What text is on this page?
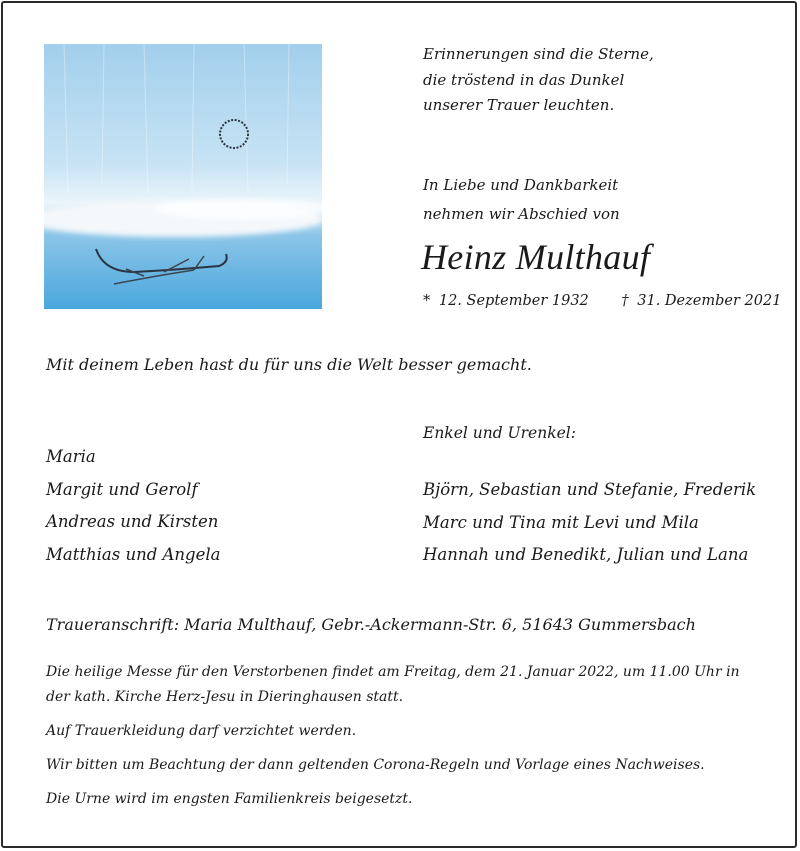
Erinnerungen sind die Sterne,
die tröstend in das Dunkel
unserer Trauer leuchten.
In Liebe und Dankbarkeit
nehmen wir Abschied von
Heinz Multhauf
* 12. September 1932 † 31. Dezember 2021
Mit deinem Leben hast du für uns die Welt besser gemacht.
Maria
Margit und Gerolf
Andreas und Kirsten
Matthias und Angela
Enkel und Urenkel:
Björn, Sebastian und Stefanie, Frederik
Marc und Tina mit Levi und Mila
Hannah und Benedikt, Julian und Lana
Traueranschrift: Maria Multhauf, Gebr.-Ackermann-Str. 6, 51643 Gummersbach
Die heilige Messe für den Verstorbenen findet am Freitag, dem 21. Januar 2022, um 11.00 Uhr in
der kath. Kirche Herz-Jesu in Dieringhausen statt.
Auf Trauerkleidung darf verzichtet werden.
Wir bitten um Beachtung der dann geltenden Corona-Regeln und Vorlage eines Nachweises.
Die Urne wird im engsten Familienkreis beigesetzt.
